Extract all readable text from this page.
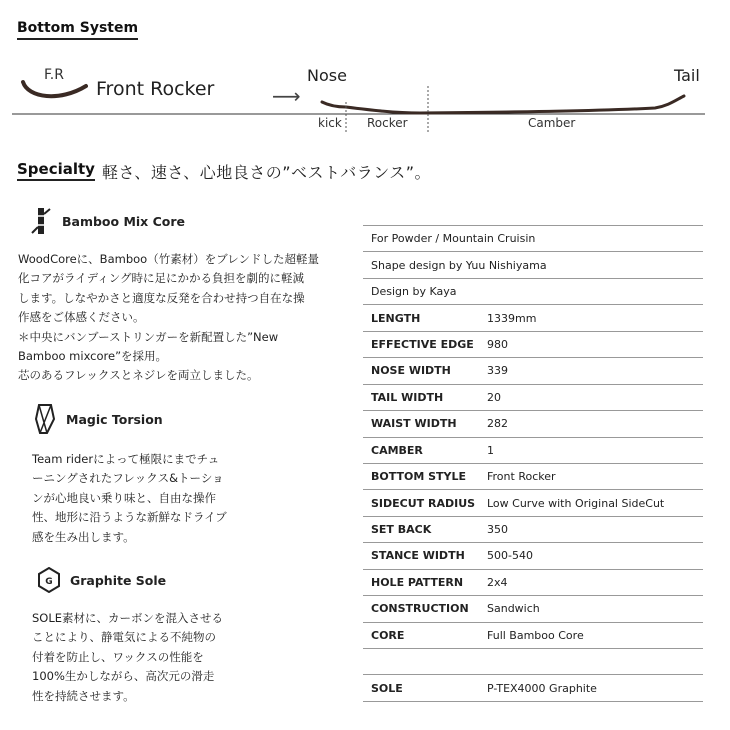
Bottom System
F.R
Front Rocker	⟶
Nose	Tail
kick Rocker	Camber
Specialty 軽さ、速さ、心地良さの”ベストバランス”。
Bamboo Mix Core
WoodCoreに、Bamboo（竹素材）をブレンドした超軽量
化コアがライディング時に足にかかる負担を劇的に軽減
します。しなやかさと適度な反発を合わせ持つ自在な操
作感をご体感ください。
＊中央にバンブーストリンガーを新配置した”New
Bamboo mixcore”を採用。
芯のあるフレックスとネジレを両立しました。
Magic Torsion
Team riderによって極限にまでチュ
ーニングされたフレックス&トーショ
ンが心地良い乗り味と、自由な操作
性、地形に沿うような新鮮なドライブ
感を生み出します。
G Graphite Sole
SOLE素材に、カーボンを混入させる
ことにより、静電気による不純物の
付着を防止し、ワックスの性能を
100%生かしながら、高次元の滑走
性を持続させます。
For Powder / Mountain Cruisin
Shape design by Yuu Nishiyama
Design by Kaya
LENGTH	1339mm
EFFECTIVE EDGE	980
NOSE WIDTH	339
TAIL WIDTH	20
WAIST WIDTH	282
CAMBER	1
BOTTOM STYLE	Front Rocker
SIDECUT RADIUS	Low Curve with Original SideCut
SET BACK	350
STANCE WIDTH	500-540
HOLE PATTERN	2x4
CONSTRUCTION	Sandwich
CORE	Full Bamboo Core
SOLE	P-TEX4000 Graphite
